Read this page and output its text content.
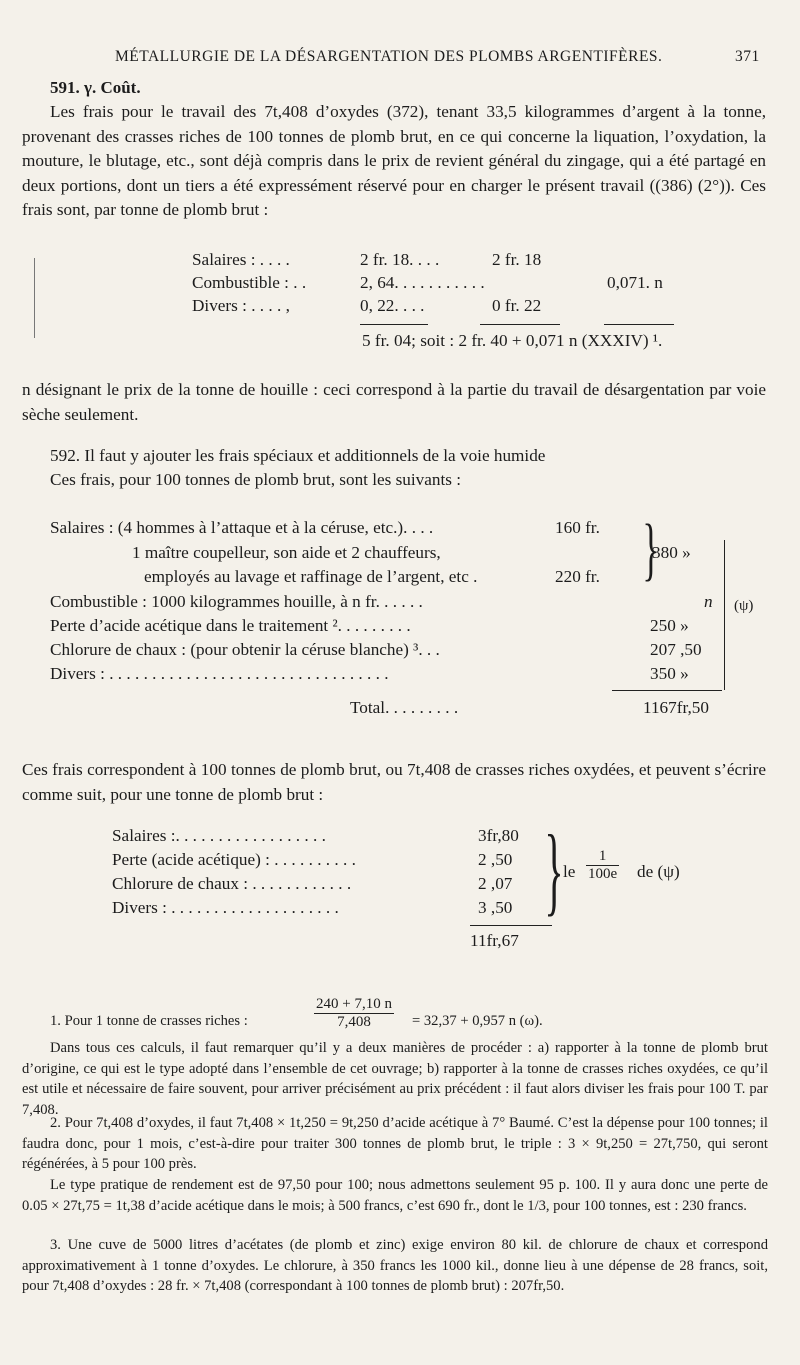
MÉTALLURGIE DE LA DÉSARGENTATION DES PLOMBS ARGENTIFÈRES.	371
591. γ. Coût.
Les frais pour le travail des 7t,408 d’oxydes (372), tenant 33,5 kilogrammes d’argent à la tonne, provenant des crasses riches de 100 tonnes de plomb brut, en ce qui concerne la liquation, l’oxydation, la mouture, le blutage, etc., sont déjà compris dans le prix de revient général du zingage, qui a été partagé en deux portions, dont un tiers a été expressément réservé pour en charger le présent travail ((386) (2°)). Ces frais sont, par tonne de plomb brut :
Salaires : . . . .	2 fr. 18. . . .	2 fr. 18
Combustible : . .	2, 64. . . . . . . . . . .	0,071. n
Divers : . . . . ,	0, 22. . . .	0 fr. 22
5 fr. 04; soit : 2 fr. 40 + 0,071 n (XXXIV) ¹.
n désignant le prix de la tonne de houille : ceci correspond à la partie du travail de désargentation par voie sèche seulement.
592. Il faut y ajouter les frais spéciaux et additionnels de la voie humide
Ces frais, pour 100 tonnes de plomb brut, sont les suivants :
Salaires : (4 hommes à l’attaque et à la céruse, etc.). . . .	160 fr.
1 maître coupelleur, son aide et 2 chauffeurs,
employés au lavage et raffinage de l’argent, etc .	220 fr. }
380 »
Combustible : 1000 kilogrammes houille, à n fr. . . . . .	n
Perte d’acide acétique dans le traitement ². . . . . . . . .	250 »
Chlorure de chaux : (pour obtenir la céruse blanche) ³. . .	207 ,50
Divers : . . . . . . . . . . . . . . . . . . . . . . . . . . . . . . . . .	350 »
(ψ)
Total. . . . . . . . .	1167fr,50
Ces frais correspondent à 100 tonnes de plomb brut, ou 7t,408 de crasses riches oxydées, et peuvent s’écrire comme suit, pour une tonne de plomb brut :
Salaires :. . . . . . . . . . . . . . . . . .	3fr,80
Perte (acide acétique) : . . . . . . . . . .	2 ,50
Chlorure de chaux : . . . . . . . . . . . .	2 ,07
Divers : . . . . . . . . . . . . . . . . . . . .	3 ,50 } le $\frac{1}{100e}$ de (ψ)
11fr,67
1. Pour 1 tonne de crasses riches :	$\frac{240 + 7,10 n}{7,408} = 32,37 + 0,957$ n (ω).
Dans tous ces calculs, il faut remarquer qu’il y a deux manières de procéder : a) rapporter à la tonne de plomb brut d’origine, ce qui est le type adopté dans l’ensemble de cet ouvrage; b) rapporter à la tonne de crasses riches oxydées, ce qu’il est utile et nécessaire de faire souvent, pour arriver précisément au prix précédent : il faut alors diviser les frais pour 100 T. par 7,408.
2. Pour 7t,408 d’oxydes, il faut 7t,408 × 1t,250 = 9t,250 d’acide acétique à 7° Baumé. C’est la dépense pour 100 tonnes; il faudra donc, pour 1 mois, c’est-à-dire pour traiter 300 tonnes de plomb brut, le triple : 3 × 9t,250 = 27t,750, qui seront régénérées, à 5 pour 100 près.
Le type pratique de rendement est de 97,50 pour 100; nous admettons seulement 95 p. 100. Il y aura donc une perte de 0.05 × 27t,75 = 1t,38 d’acide acétique dans le mois; à 500 francs, c’est 690 fr., dont le 1/3, pour 100 tonnes, est : 230 francs.
3. Une cuve de 5000 litres d’acétates (de plomb et zinc) exige environ 80 kil. de chlorure de chaux et correspond approximativement à 1 tonne d’oxydes. Le chlorure, à 350 francs les 1000 kil., donne lieu à une dépense de 28 francs, soit, pour 7t,408 d’oxydes : 28 fr. × 7t,408 (correspondant à 100 tonnes de plomb brut) : 207fr,50.
